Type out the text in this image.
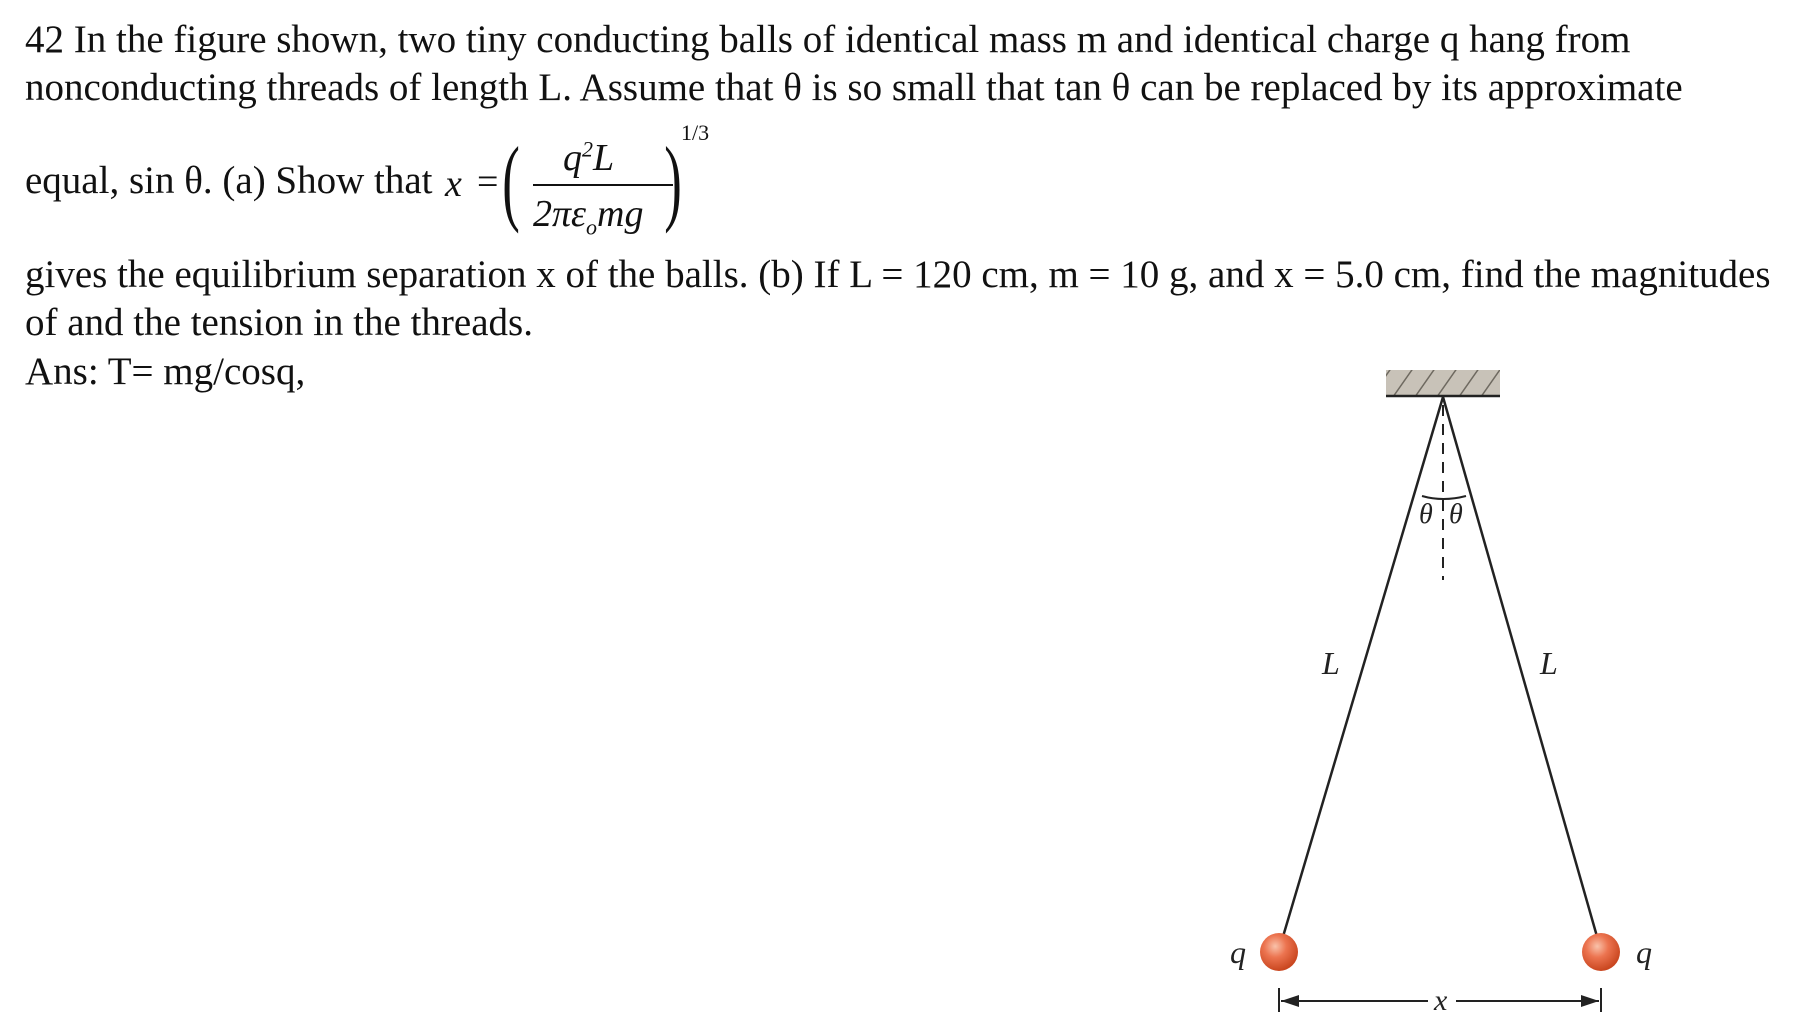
42 In the figure shown, two tiny conducting balls of identical mass m and identical charge q hang from
nonconducting threads of length L. Assume that θ is so small that tan θ can be replaced by its approximate
equal, sin θ. (a) Show that x = ( $q^2L$
$2\pi\varepsilon_omg$ ) 1/3
gives the equilibrium separation x of the balls. (b) If L = 120 cm, m = 10 g, and x = 5.0 cm, find the magnitudes
of and the tension in the threads.
Ans: T= mg/cosq,
θ θ
L	L
q	q
x
